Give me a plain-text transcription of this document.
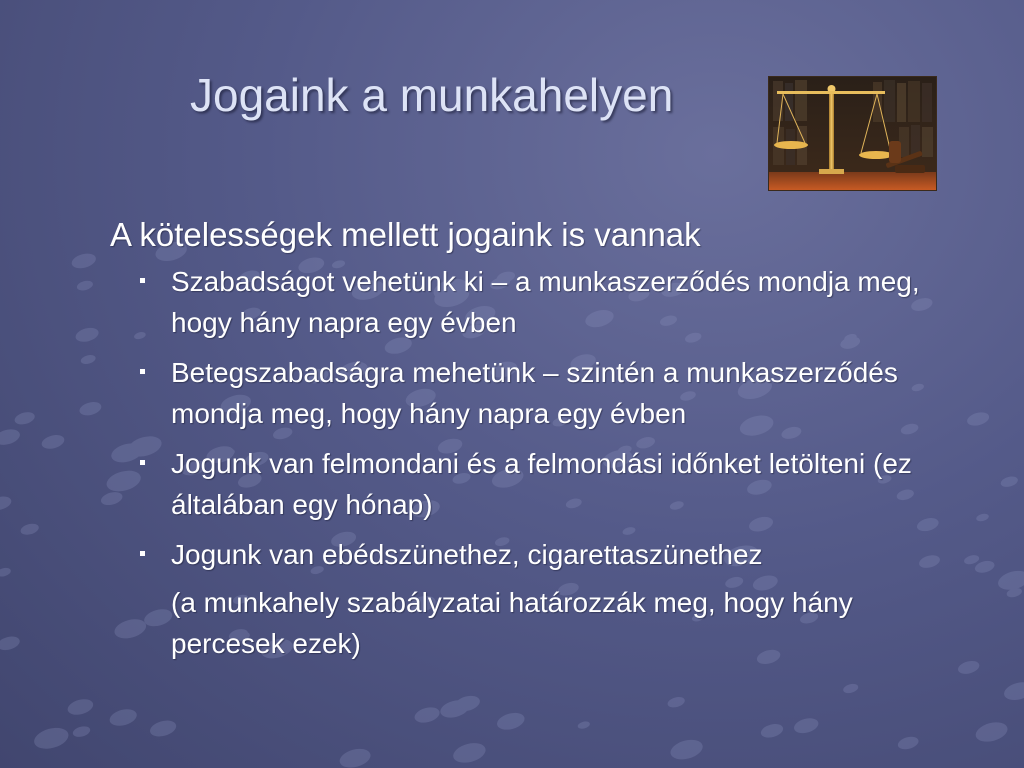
Jogaink a munkahelyen

A kötelességek mellett jogaink is vannak

Szabadságot vehetünk ki – a munkaszerződés mondja meg, hogy hány napra egy évben
Betegszabadságra mehetünk – szintén a munkaszerződés mondja meg, hogy hány napra egy évben
Jogunk van felmondani és a felmondási időnket letölteni (ez általában egy hónap)
Jogunk van ebédszünethez, cigarettaszünethez
(a munkahely szabályzatai határozzák meg, hogy hány percesek ezek)
